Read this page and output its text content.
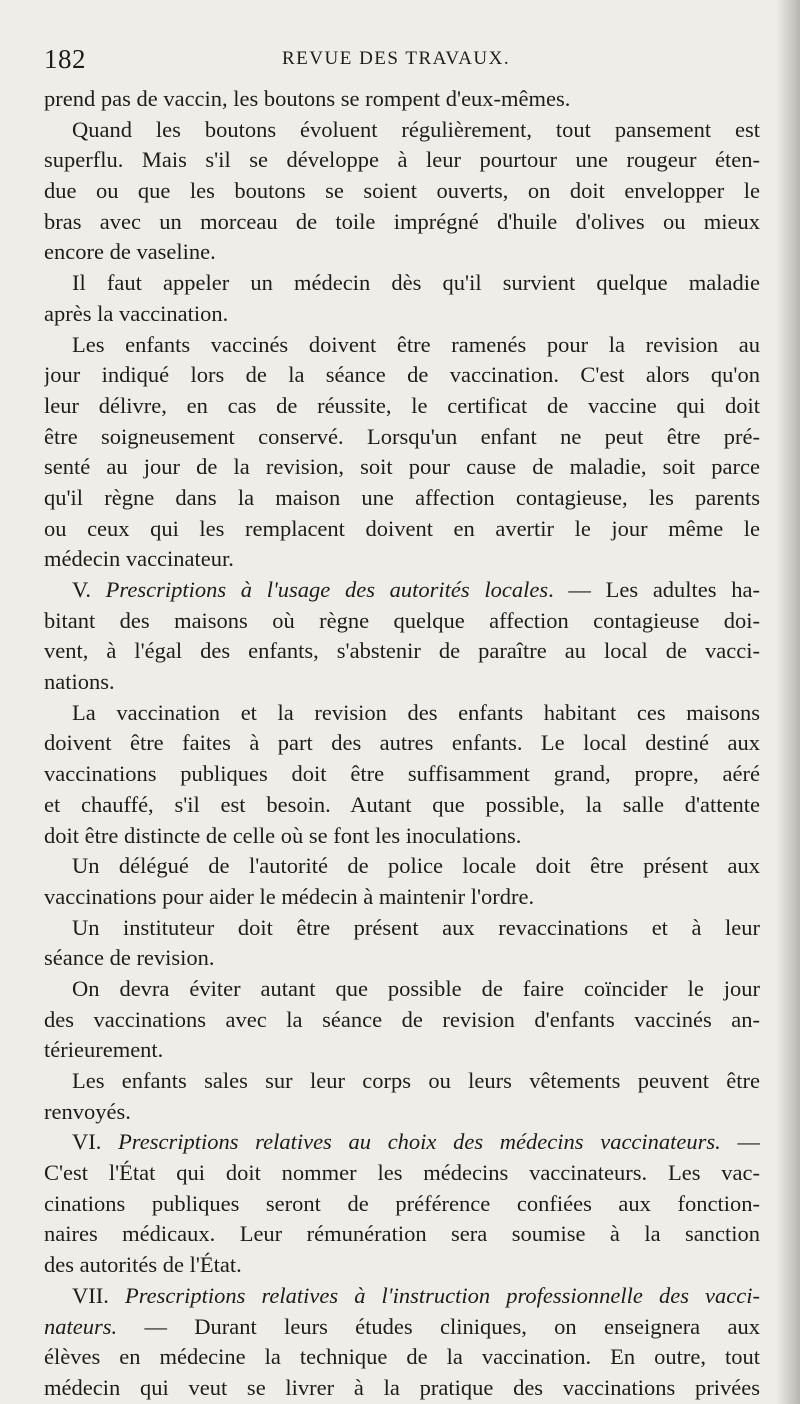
182	REVUE DES TRAVAUX.
prend pas de vaccin, les boutons se rompent d'eux-mêmes.
Quand les boutons évoluent régulièrement, tout pansement est
superflu. Mais s'il se développe à leur pourtour une rougeur éten-
due ou que les boutons se soient ouverts, on doit envelopper le
bras avec un morceau de toile imprégné d'huile d'olives ou mieux
encore de vaseline.
Il faut appeler un médecin dès qu'il survient quelque maladie
après la vaccination.
Les enfants vaccinés doivent être ramenés pour la revision au
jour indiqué lors de la séance de vaccination. C'est alors qu'on
leur délivre, en cas de réussite, le certificat de vaccine qui doit
être soigneusement conservé. Lorsqu'un enfant ne peut être pré-
senté au jour de la revision, soit pour cause de maladie, soit parce
qu'il règne dans la maison une affection contagieuse, les parents
ou ceux qui les remplacent doivent en avertir le jour même le
médecin vaccinateur.
V. Prescriptions à l'usage des autorités locales. — Les adultes ha-
bitant des maisons où règne quelque affection contagieuse doi-
vent, à l'égal des enfants, s'abstenir de paraître au local de vacci-
nations.
La vaccination et la revision des enfants habitant ces maisons
doivent être faites à part des autres enfants. Le local destiné aux
vaccinations publiques doit être suffisamment grand, propre, aéré
et chauffé, s'il est besoin. Autant que possible, la salle d'attente
doit être distincte de celle où se font les inoculations.
Un délégué de l'autorité de police locale doit être présent aux
vaccinations pour aider le médecin à maintenir l'ordre.
Un instituteur doit être présent aux revaccinations et à leur
séance de revision.
On devra éviter autant que possible de faire coïncider le jour
des vaccinations avec la séance de revision d'enfants vaccinés an-
térieurement.
Les enfants sales sur leur corps ou leurs vêtements peuvent être
renvoyés.
VI. Prescriptions relatives au choix des médecins vaccinateurs. —
C'est l'État qui doit nommer les médecins vaccinateurs. Les vac-
cinations publiques seront de préférence confiées aux fonction-
naires médicaux. Leur rémunération sera soumise à la sanction
des autorités de l'État.
VII. Prescriptions relatives à l'instruction professionnelle des vacci-
nateurs. — Durant leurs études cliniques, on enseignera aux
élèves en médecine la technique de la vaccination. En outre, tout
médecin qui veut se livrer à la pratique des vaccinations privées
